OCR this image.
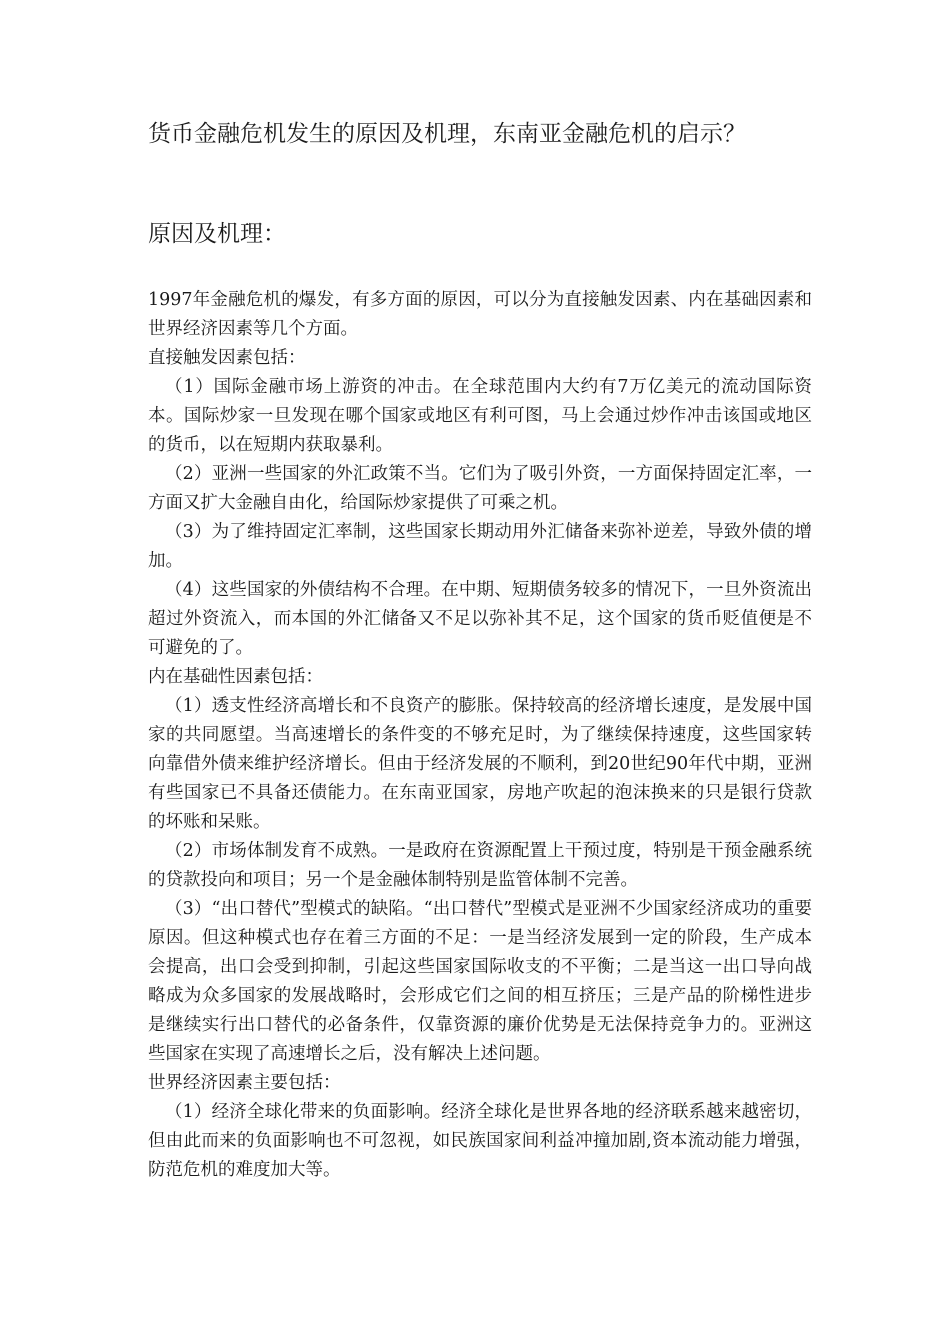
货币金融危机发生的原因及机理，东南亚金融危机的启示？
原因及机理：

1997年金融危机的爆发，有多方面的原因，可以分为直接触发因素、内在基础因素和世界经济因素等几个方面。

直接触发因素包括：

（1）国际金融市场上游资的冲击。在全球范围内大约有7万亿美元的流动国际资本。国际炒家一旦发现在哪个国家或地区有利可图，马上会通过炒作冲击该国或地区的货币，以在短期内获取暴利。

（2）亚洲一些国家的外汇政策不当。它们为了吸引外资，一方面保持固定汇率，一方面又扩大金融自由化，给国际炒家提供了可乘之机。

（3）为了维持固定汇率制，这些国家长期动用外汇储备来弥补逆差，导致外债的增加。

（4）这些国家的外债结构不合理。在中期、短期债务较多的情况下，一旦外资流出超过外资流入，而本国的外汇储备又不足以弥补其不足，这个国家的货币贬值便是不可避免的了。

内在基础性因素包括：

（1）透支性经济高增长和不良资产的膨胀。保持较高的经济增长速度，是发展中国家的共同愿望。当高速增长的条件变的不够充足时，为了继续保持速度，这些国家转向靠借外债来维护经济增长。但由于经济发展的不顺利，到20世纪90年代中期，亚洲有些国家已不具备还债能力。在东南亚国家，房地产吹起的泡沫换来的只是银行贷款的坏账和呆账。

（2）市场体制发育不成熟。一是政府在资源配置上干预过度，特别是干预金融系统的贷款投向和项目；另一个是金融体制特别是监管体制不完善。

（3）“出口替代”型模式的缺陷。“出口替代”型模式是亚洲不少国家经济成功的重要原因。但这种模式也存在着三方面的不足：一是当经济发展到一定的阶段，生产成本会提高，出口会受到抑制，引起这些国家国际收支的不平衡；二是当这一出口导向战略成为众多国家的发展战略时，会形成它们之间的相互挤压；三是产品的阶梯性进步是继续实行出口替代的必备条件，仅靠资源的廉价优势是无法保持竞争力的。亚洲这些国家在实现了高速增长之后，没有解决上述问题。

世界经济因素主要包括：

（1）经济全球化带来的负面影响。经济全球化是世界各地的经济联系越来越密切，但由此而来的负面影响也不可忽视，如民族国家间利益冲撞加剧,资本流动能力增强，防范危机的难度加大等。
